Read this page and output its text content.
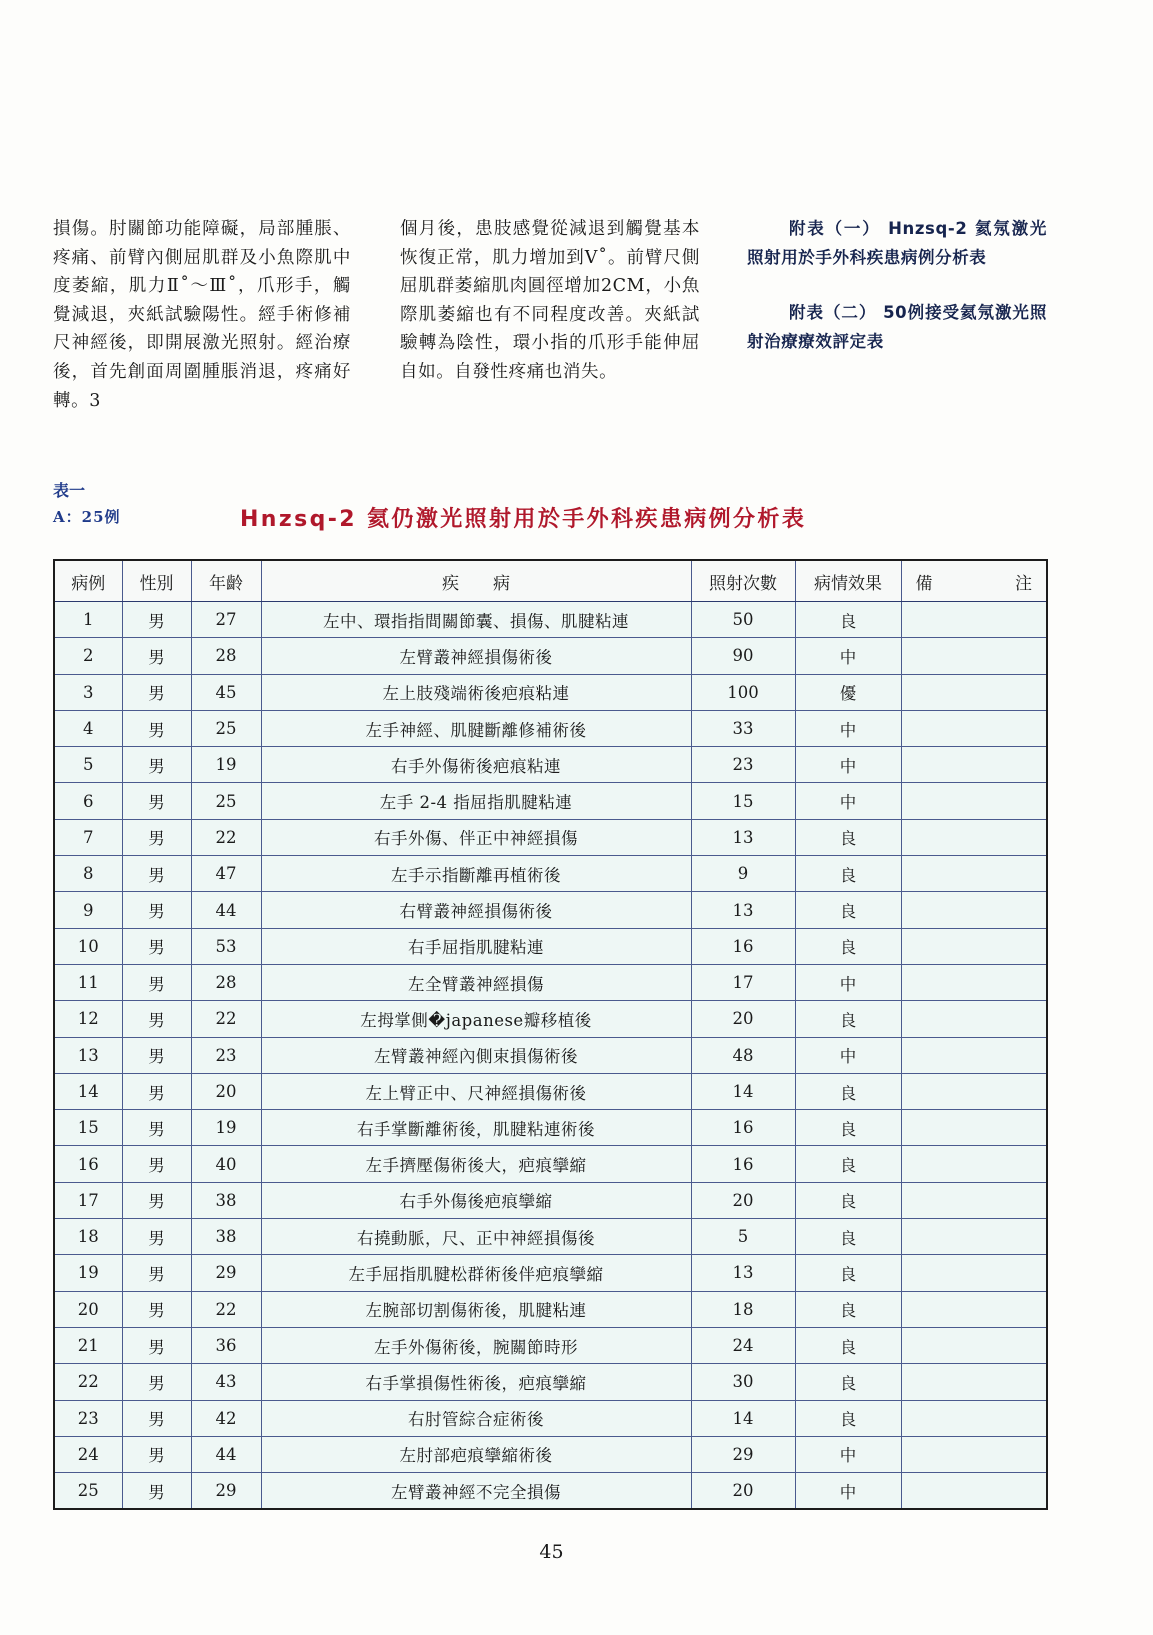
損傷。肘關節功能障礙，局部腫脹、疼痛、前臂內側屈肌群及小魚際肌中度萎縮，肌力Ⅱ˚～Ⅲ˚，爪形手，觸覺減退，夾紙試驗陽性。經手術修補尺神經後，即開展激光照射。經治療後，首先創面周圍腫脹消退，疼痛好轉。3

個月後，患肢感覺從減退到觸覺基本恢復正常，肌力增加到Ⅴ˚。前臂尺側屈肌群萎縮肌肉圓徑增加2CM，小魚際肌萎縮也有不同程度改善。夾紙試驗轉為陰性，環小指的爪形手能伸屈自如。自發性疼痛也消失。

附表（一） Hnzsq-2 氦氖激光照射用於手外科疾患病例分析表

附表（二） 50例接受氦氖激光照射治療療效評定表

表一
A：25例	Hnzsq-2 氦仍激光照射用於手外科疾患病例分析表
病例	性別	年齡	疾　　病	照射次數	病情效果	備 注

1	男	27	左中、環指指間關節囊、損傷、肌腱粘連	50	良	
2	男	28	左臂叢神經損傷術後	90	中	
3	男	45	左上肢殘端術後疤痕粘連	100	優	
4	男	25	左手神經、肌腱斷離修補術後	33	中	
5	男	19	右手外傷術後疤痕粘連	23	中	
6	男	25	左手 2-4 指屈指肌腱粘連	15	中	
7	男	22	右手外傷、伴正中神經損傷	13	良	
8	男	47	左手示指斷離再植術後	9	良	
9	男	44	右臂叢神經損傷術後	13	良	
10	男	53	右手屈指肌腱粘連	16	良	
11	男	28	左全臂叢神經損傷	17	中	
12	男	22	左拇掌側�japanese瓣移植後	20	良	
13	男	23	左臂叢神經內側束損傷術後	48	中	
14	男	20	左上臂正中、尺神經損傷術後	14	良	
15	男	19	右手掌斷離術後，肌腱粘連術後	16	良	
16	男	40	左手擠壓傷術後大，疤痕攣縮	16	良	
17	男	38	右手外傷後疤痕攣縮	20	良	
18	男	38	右撓動脈，尺、正中神經損傷後	5	良	
19	男	29	左手屈指肌腱松群術後伴疤痕攣縮	13	良	
20	男	22	左腕部切割傷術後，肌腱粘連	18	良	
21	男	36	左手外傷術後，腕關節時形	24	良	
22	男	43	右手掌損傷性術後，疤痕攣縮	30	良	
23	男	42	右肘管綜合症術後	14	良	
24	男	44	左肘部疤痕攣縮術後	29	中	
25	男	29	左臂叢神經不完全損傷	20	中	
45
